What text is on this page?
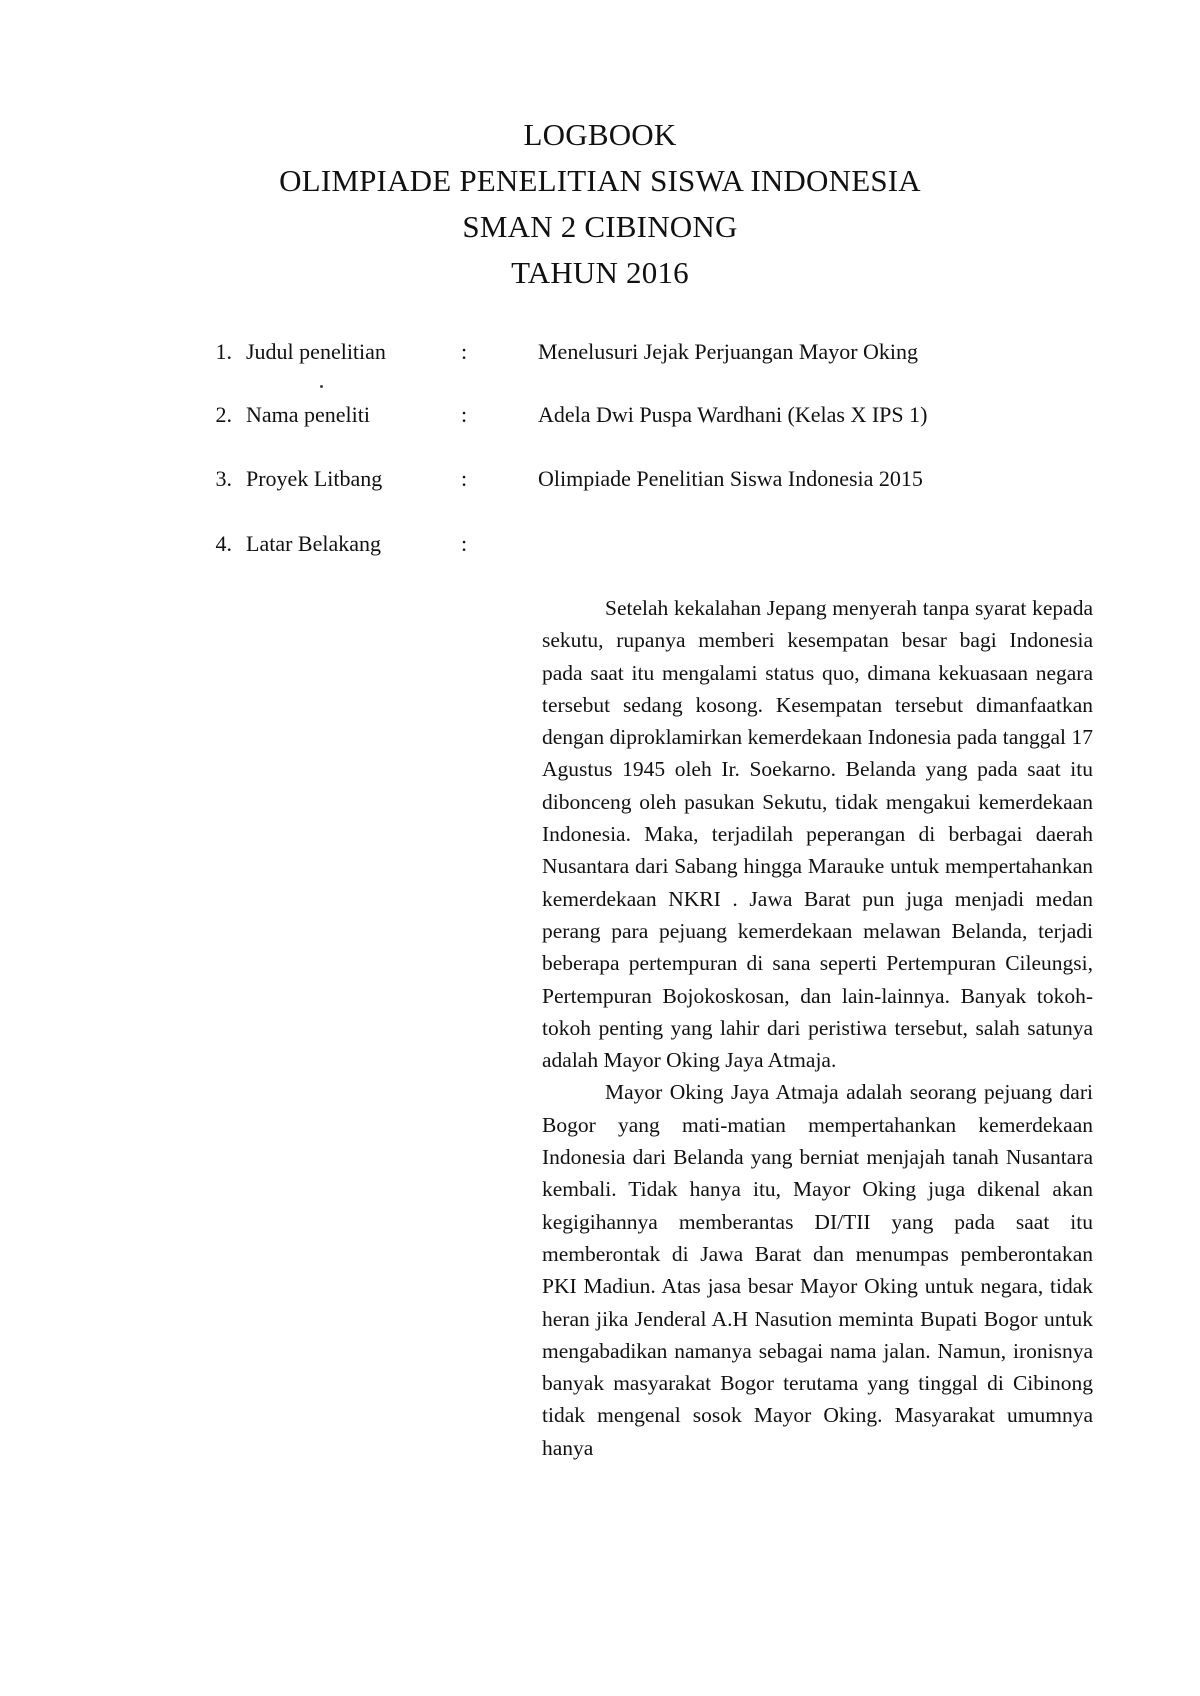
LOGBOOK
OLIMPIADE PENELITIAN SISWA INDONESIA
SMAN 2 CIBINONG
TAHUN 2016
1. Judul penelitian	:	Menelusuri Jejak Perjuangan Mayor Oking
2. Nama peneliti	:	Adela Dwi Puspa Wardhani (Kelas X IPS 1)
3. Proyek Litbang	:	Olimpiade Penelitian Siswa Indonesia 2015
4. Latar Belakang	:

Setelah kekalahan Jepang menyerah tanpa syarat kepada sekutu, rupanya memberi kesempatan besar bagi Indonesia pada saat itu mengalami status quo, dimana kekuasaan negara tersebut sedang kosong. Kesempatan tersebut dimanfaatkan dengan diproklamirkan kemerdekaan Indonesia pada tanggal 17 Agustus 1945 oleh Ir. Soekarno. Belanda yang pada saat itu dibonceng oleh pasukan Sekutu, tidak mengakui kemerdekaan Indonesia. Maka, terjadilah peperangan di berbagai daerah Nusantara dari Sabang hingga Marauke untuk mempertahankan kemerdekaan NKRI . Jawa Barat pun juga menjadi medan perang para pejuang kemerdekaan melawan Belanda, terjadi beberapa pertempuran di sana seperti Pertempuran Cileungsi, Pertempuran Bojokoskosan, dan lain-lainnya. Banyak tokoh-tokoh penting yang lahir dari peristiwa tersebut, salah satunya adalah Mayor Oking Jaya Atmaja.

Mayor Oking Jaya Atmaja adalah seorang pejuang dari Bogor yang mati-matian mempertahankan kemerdekaan Indonesia dari Belanda yang berniat menjajah tanah Nusantara kembali. Tidak hanya itu, Mayor Oking juga dikenal akan kegigihannya memberantas DI/TII yang pada saat itu memberontak di Jawa Barat dan menumpas pemberontakan PKI Madiun. Atas jasa besar Mayor Oking untuk negara, tidak heran jika Jenderal A.H Nasution meminta Bupati Bogor untuk mengabadikan namanya sebagai nama jalan. Namun, ironisnya banyak masyarakat Bogor terutama yang tinggal di Cibinong tidak mengenal sosok Mayor Oking. Masyarakat umumnya hanya
